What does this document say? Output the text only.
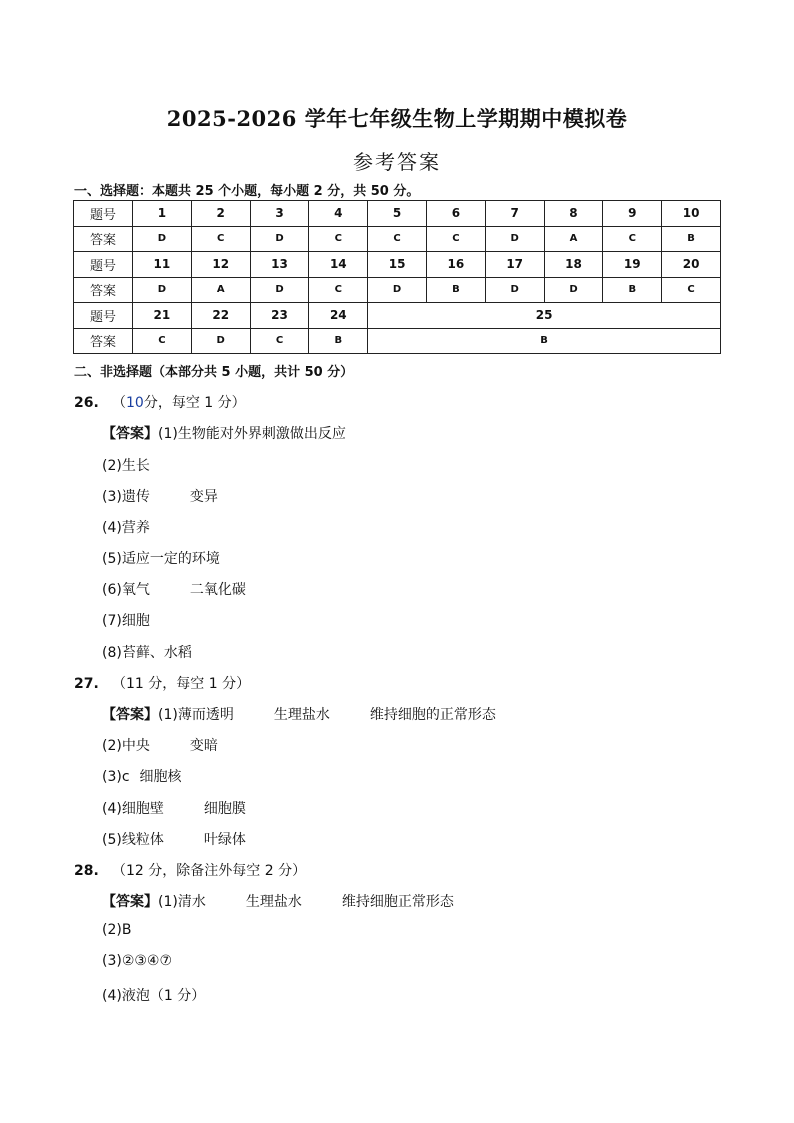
2025-2026 学年七年级生物上学期期中模拟卷
参考答案
一、选择题：本题共 25 个小题，每小题 2 分，共 50 分。
题号	1	2	3	4	5	6	7	8	9	10
答案	D	C	D	C	C	C	D	A	C	B
题号	11	12	13	14	15	16	17	18	19	20
答案	D	A	D	C	D	B	D	D	B	C
题号	21	22	23	24	25					
答案	C	D	C	B	B					
二、非选择题（本部分共 5 小题，共计 50 分）
26. （10分，每空 1 分）
【答案】(1)生物能对外界刺激做出反应
(2)生长
(3)遗传	变异
(4)营养
(5)适应一定的环境
(6)氧气	二氧化碳
(7)细胞
(8)苔藓、水稻
27. （11 分，每空 1 分）
【答案】(1)薄而透明	生理盐水	维持细胞的正常形态
(2)中央	变暗
(3)c 细胞核
(4)细胞壁	细胞膜
(5)线粒体	叶绿体
28. （12 分，除备注外每空 2 分）
【答案】(1)清水	生理盐水	维持细胞正常形态
(2)B
(3)②③④⑦
(4)液泡（1 分）
